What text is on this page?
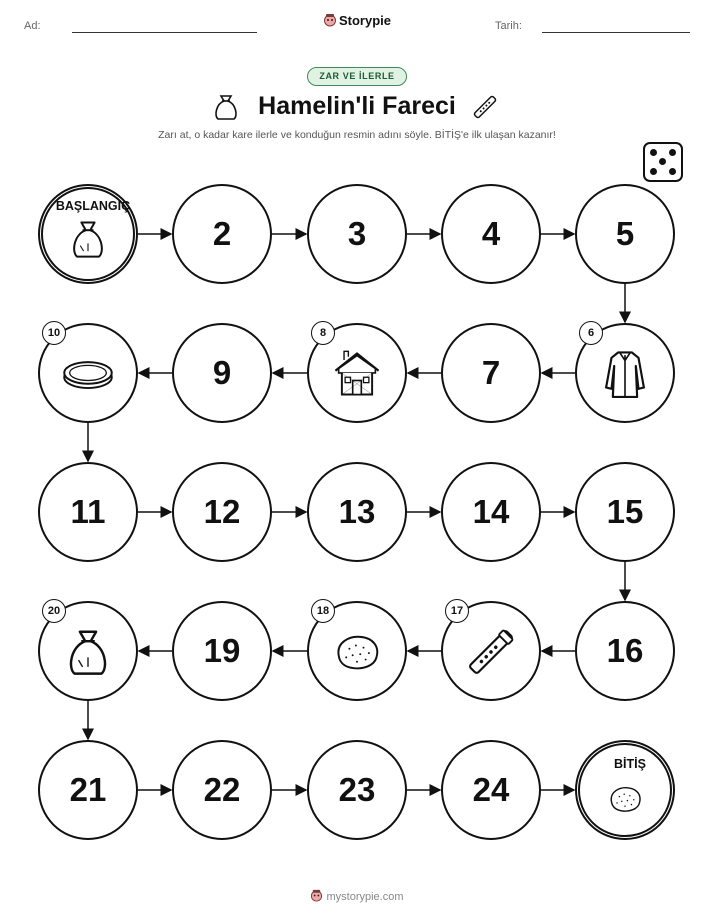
Ad:	Storypie	Tarih:
ZAR VE İLERLE
Hamelin'li Fareci
Zarı at, o kadar kare ilerle ve konduğun resmin adını söyle. BİTİŞ'e ilk ulaşan kazanır!
BAŞLANGIÇ
2	3	4	5
6
7
8
9
10
11	12	13	14	15
16
17
18
19
20
21	22	23	24
BİTİŞ
mystorypie.com
